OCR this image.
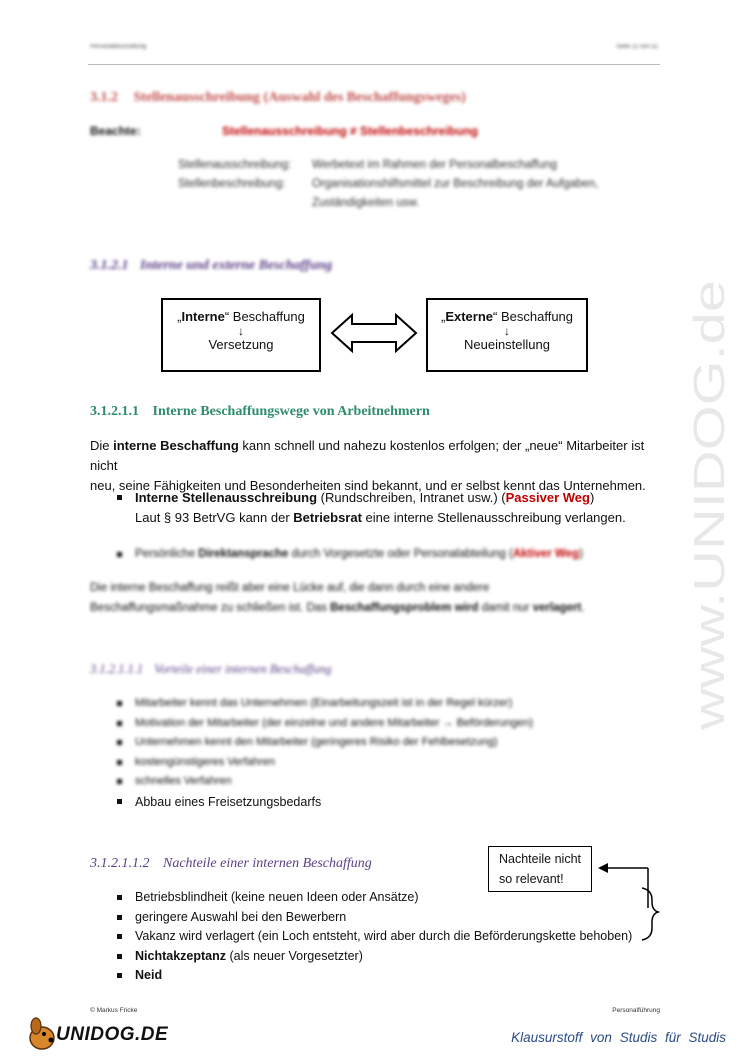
Personalbeschaffung	Seite 22 von 52
3.1.2 Stellenausschreibung (Auswahl des Beschaffungsweges)
Beachte:	Stellenausschreibung ≠ Stellenbeschreibung
Stellenausschreibung: Werbetext im Rahmen der Personalbeschaffung
Stellenbeschreibung: Organisationshilfsmittel zur Beschreibung der Aufgaben,
Zuständigkeiten usw.
3.1.2.1 Interne und externe Beschaffung
„Interne“ Beschaffung
↓
Versetzung
„Externe“ Beschaffung
↓
Neueinstellung
3.1.2.1.1 Interne Beschaffungswege von Arbeitnehmern
Die interne Beschaffung kann schnell und nahezu kostenlos erfolgen; der „neue“ Mitarbeiter ist nicht
neu, seine Fähigkeiten und Besonderheiten sind bekannt, und er selbst kennt das Unternehmen.
Interne Stellenausschreibung (Rundschreiben, Intranet usw.) (Passiver Weg)
Laut § 93 BetrVG kann der Betriebsrat eine interne Stellenausschreibung verlangen.
Persönliche Direktansprache durch Vorgesetzte oder Personalabteilung (Aktiver Weg)
Die interne Beschaffung reißt aber eine Lücke auf, die dann durch eine andere
Beschaffungsmaßnahme zu schließen ist. Das Beschaffungsproblem wird damit nur verlagert.
3.1.2.1.1.1 Vorteile einer internen Beschaffung
Mitarbeiter kennt das Unternehmen (Einarbeitungszeit ist in der Regel kürzer)
Motivation der Mitarbeiter (der einzelne und andere Mitarbeiter → Beförderungen)
Unternehmen kennt den Mitarbeiter (geringeres Risiko der Fehlbesetzung)
kostengünstigeres Verfahren
schnelles Verfahren
Abbau eines Freisetzungsbedarfs
3.1.2.1.1.2 Nachteile einer internen Beschaffung	Nachteile nicht
so relevant!
Betriebsblindheit (keine neuen Ideen oder Ansätze)
geringere Auswahl bei den Bewerbern
Vakanz wird verlagert (ein Loch entsteht, wird aber durch die Beförderungskette behoben)
Nichtakzeptanz (als neuer Vorgesetzter)
Neid
© Markus Fricke	Personalführung
UNIDOG.DE	Klausurstoff von Studis für Studis
www.UNIDOG.de
